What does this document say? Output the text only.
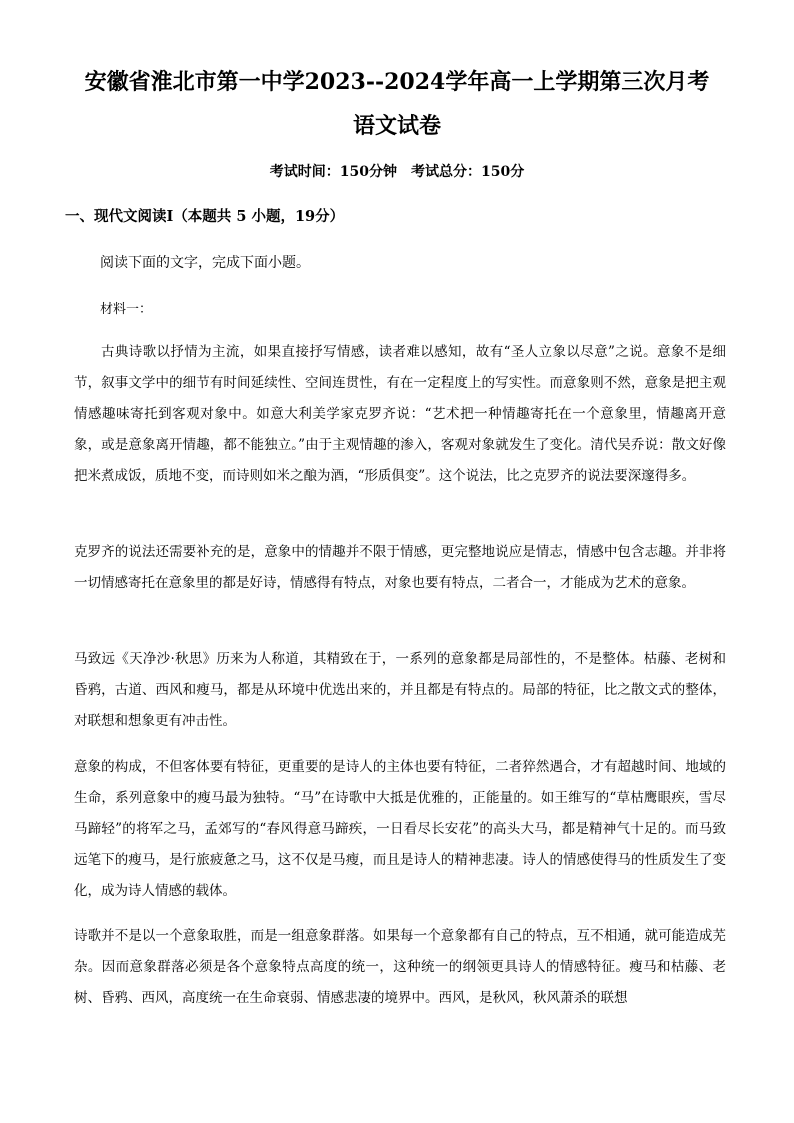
安徽省淮北市第一中学2023--2024学年高一上学期第三次月考语文试卷
考试时间：150分钟　考试总分：150分
一、现代文阅读Ⅰ（本题共 5 小题，19分）
阅读下面的文字，完成下面小题。
材料一：

古典诗歌以抒情为主流，如果直接抒写情感，读者难以感知，故有“圣人立象以尽意”之说。意象不是细节，叙事文学中的细节有时间延续性、空间连贯性，有在一定程度上的写实性。而意象则不然，意象是把主观情感趣味寄托到客观对象中。如意大利美学家克罗齐说：“艺术把一种情趣寄托在一个意象里，情趣离开意象，或是意象离开情趣，都不能独立。”由于主观情趣的渗入，客观对象就发生了变化。清代吴乔说：散文好像把米煮成饭，质地不变，而诗则如米之酿为酒，“形质俱变”。这个说法，比之克罗齐的说法要深邃得多。

克罗齐的说法还需要补充的是，意象中的情趣并不限于情感，更完整地说应是情志，情感中包含志趣。并非将一切情感寄托在意象里的都是好诗，情感得有特点，对象也要有特点，二者合一，才能成为艺术的意象。

马致远《天净沙·秋思》历来为人称道，其精致在于，一系列的意象都是局部性的，不是整体。枯藤、老树和昏鸦，古道、西风和瘦马，都是从环境中优选出来的，并且都是有特点的。局部的特征，比之散文式的整体，对联想和想象更有冲击性。

意象的构成，不但客体要有特征，更重要的是诗人的主体也要有特征，二者猝然遇合，才有超越时间、地域的生命，系列意象中的瘦马最为独特。“马”在诗歌中大抵是优雅的，正能量的。如王维写的“草枯鹰眼疾，雪尽马蹄轻”的将军之马，孟郊写的“春风得意马蹄疾，一日看尽长安花”的高头大马，都是精神气十足的。而马致远笔下的瘦马，是行旅疲惫之马，这不仅是马瘦，而且是诗人的精神悲凄。诗人的情感使得马的性质发生了变化，成为诗人情感的载体。

诗歌并不是以一个意象取胜，而是一组意象群落。如果每一个意象都有自己的特点，互不相通，就可能造成芜杂。因而意象群落必须是各个意象特点高度的统一，这种统一的纲领更具诗人的情感特征。瘦马和枯藤、老树、昏鸦、西风，高度统一在生命衰弱、情感悲凄的境界中。西风，是秋风，秋风萧杀的联想
